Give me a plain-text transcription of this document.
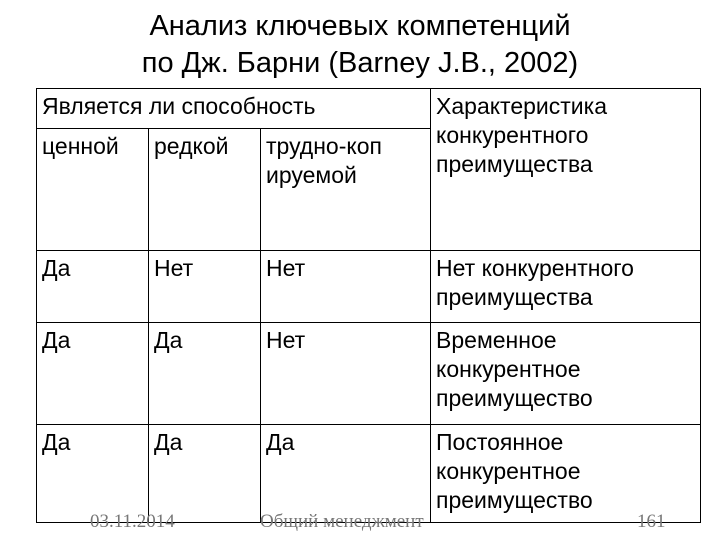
Анализ ключевых компетенций
по Дж. Барни (Barney J.B., 2002)
Является ли способность			Характеристика конкурентного преимущества
ценной	редкой	трудно-копируемой	
Да	Нет	Нет	Нет конкурентного преимущества
Да	Да	Нет	Временное конкурентное преимущество
Да	Да	Да	Постоянное конкурентное преимущество
03.11.2014	Общий менеджмент	161
